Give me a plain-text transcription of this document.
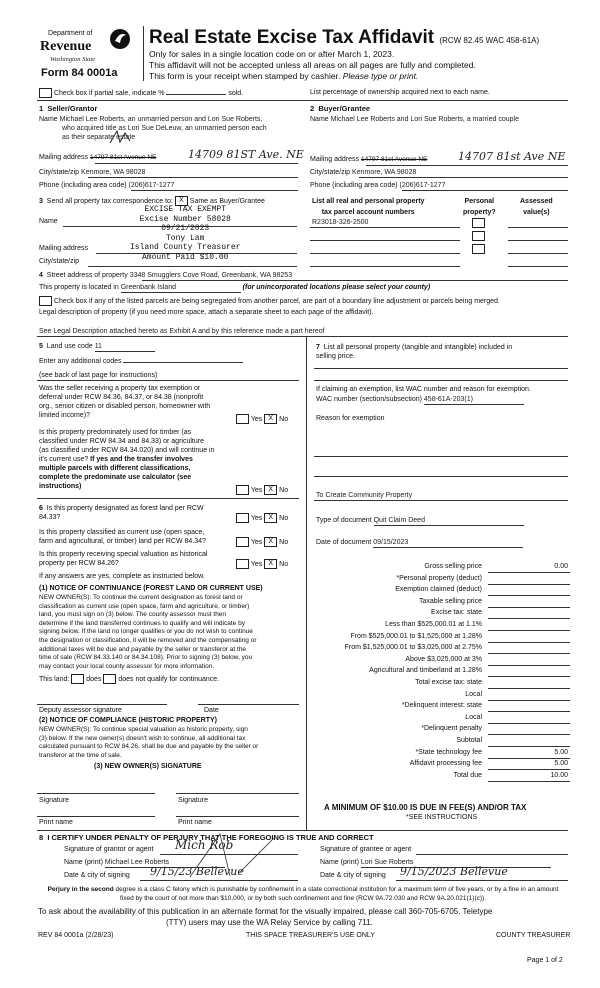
Department of
Revenue
Washington State
Form 84 0001a
Real Estate Excise Tax Affidavit (RCW 82.45 WAC 458-61A)
Only for sales in a single location code on or after March 1, 2023.
This affidavit will not be accepted unless all areas on all pages are fully and completed.
This form is your receipt when stamped by cashier. Please type or print.
Check box if partial sale, indicate %	sold.	List percentage of ownership acquired next to each name.
1 Seller/Grantor
Name Michael Lee Roberts, an unmarried person and Lori Sue Roberts,
who acquired title as Lori Sue DeLeuw, an unmarried person each
as their separate estate
Mailing address 14797 81st Avenue NE	14709 81ST Ave. NE
City/state/zip Kenmore, WA 98028
Phone (including area code) (206)617-1277
2 Buyer/Grantee
Name Michael Lee Roberts and Lori Sue Roberts, a married couple
Mailing address 14797 81st Avenue NE	14707 81st Ave NE
City/state/zip Kenmore, WA 98028
Phone (including area code) (206)617-1277
3 Send all property tax correspondence to: X Same as Buyer/Grantee
Name
Mailing address
City/state/zip
EXCISE TAX EXEMPT
Excise Number 58028
09/21/2023
Tony Lam
Island County Treasurer
Amount Paid $10.00
List all real and personal property
tax parcel account numbers
Personal
property?
Assessed
value(s)
R23018-326-2500
4 Street address of property 3348 Smugglers Cove Road, Greenbank, WA 98253
This property is located in Greenbank Island	(for unincorporated locations please select your county)
Check box if any of the listed parcels are being segregated from another parcel, are part of a boundary line adjustment or parcels being merged.
Legal description of property (if you need more space, attach a separate sheet to each page of the affidavit).
See Legal Description attached hereto as Exhibit A and by this reference made a part hereof
5 Land use code 11
Enter any additional codes
(see back of last page for instructions)
Was the seller receiving a property tax exemption or
deferral under RCW 84.36, 84.37, or 84.38 (nonprofit
org., senior citizen or disabled person, homeowner with
limited income)?
Yes X No
Is this property predominately used for timber (as
classified under RCW 84.34 and 84.33) or agriculture
(as classified under RCW 84.34.020) and will continue in
it's current use? If yes and the transfer involves
multiple parcels with different classifications,
complete the predominate use calculator (see
instructions)
Yes X No
6 Is this property designated as forest land per RCW
84.33?	Yes X No
Is this property classified as current use (open space,
farm and agricultural, or timber) land per RCW 84.34?	Yes X No
Is this property receiving special valuation as historical
property per RCW 84.26?	Yes X No
If any answers are yes, complete as instructed below.
(1) NOTICE OF CONTINUANCE (FOREST LAND OR CURRENT USE)
NEW OWNER(S): To continue the current designation as forest land or
classification as current use (open space, farm and agriculture, or timber)
land, you must sign on (3) below. The county assessor must then
determine if the land transferred continues to qualify and will indicate by
signing below. If the land no longer qualifies or you do not wish to continue
the designation or classification, it will be removed and the compensating or
additional taxes will be due and payable by the seller or transferor at the
time of sale (RCW 84.33.140 or 84.34.108). Prior to signing (3) below, you
may contact your local county assessor for more information.
This land: does does not qualify for continuance.
Deputy assessor signature	Date
(2) NOTICE OF COMPLIANCE (HISTORIC PROPERTY)
NEW OWNER(S): To continue special valuation as historic property, sign
(3) below. If the new owner(s) doesn't wish to continue, all additional tax
calculated pursuant to RCW 84.26, shall be due and payable by the seller or
transferor at the time of sale.
(3) NEW OWNER(S) SIGNATURE
Signature	Signature
Print name	Print name
7 List all personal property (tangible and intangible) included in
selling price.
If claiming an exemption, list WAC number and reason for exemption.
WAC number (section/subsection) 458-61A-203(1)
Reason for exemption
To Create Community Property
Type of document Quit Claim Deed
Date of document 09/15/2023
Gross selling price	0.00
*Personal property (deduct)
Exemption claimed (deduct)
Taxable selling price
Excise tax: state
Less than $525,000.01 at 1.1%
From $525,000.01 to $1,525,000 at 1.28%
From $1,525,000.01 to $3,025,000 at 2.75%
Above $3,025,000 at 3%
Agricultural and timberland at 1.28%
Total excise tax: state
Local
*Delinquent interest: state
Local
*Delinquent penalty
Subtotal
*State technology fee	5.00
Affidavit processing fee	5.00
Total due	10.00
A MINIMUM OF $10.00 IS DUE IN FEE(S) AND/OR TAX
*SEE INSTRUCTIONS
8 I CERTIFY UNDER PENALTY OF PERJURY THAT THE FOREGOING IS TRUE AND CORRECT
Signature of grantor or agent Mich Rob	Signature of grantee or agent
Name (print) Michael Lee Roberts	Name (print) Lori Sue Roberts
Date & city of signing 9/15/23 Bellevue	Date & city of signing 9/15/2023 Bellevue
Perjury in the second degree is a class C felony which is punishable by confinement in a state correctional institution for a maximum term of five years, or by a fine in an amount fixed by the court of not more than $10,000, or by both such confinement and fine (RCW 9A.72.030 and RCW 9A.20.021(1)(c)).
To ask about the availability of this publication in an alternate format for the visually impaired, please call 360-705-6705. Teletype
(TTY) users may use the WA Relay Service by calling 711.
REV 84 0001a (2/28/23)	THIS SPACE TREASURER'S USE ONLY	COUNTY TREASURER
Page 1 of 2
